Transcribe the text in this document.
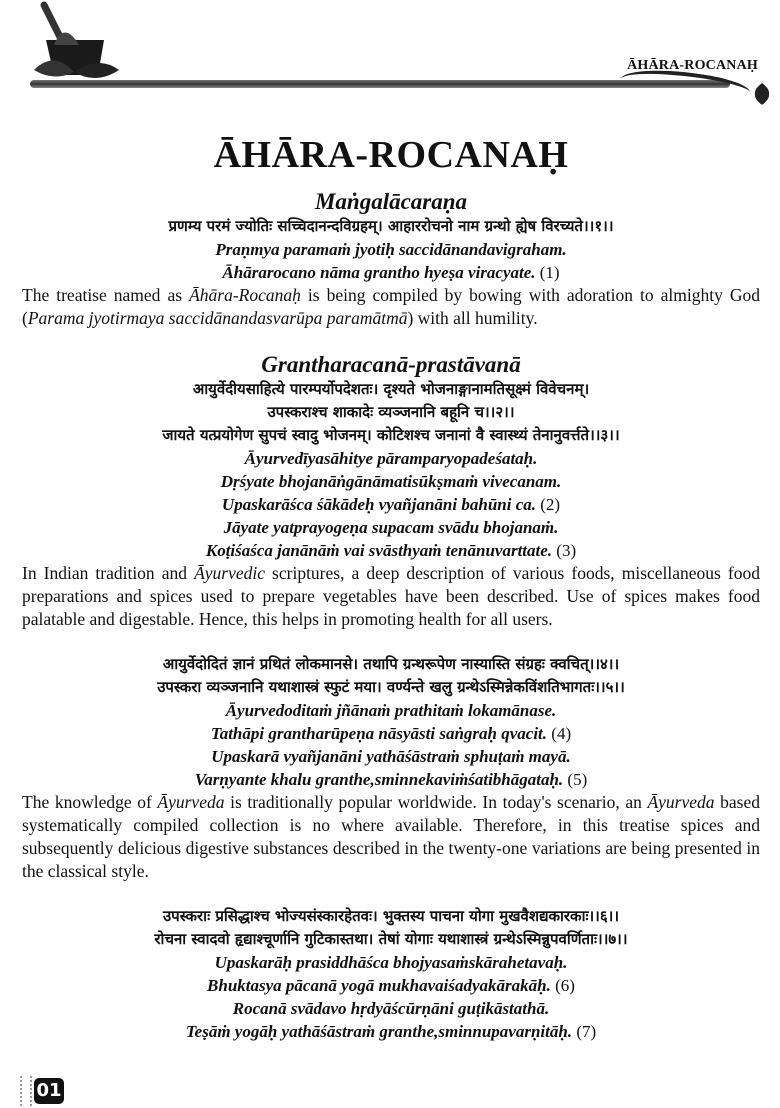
ĀHĀRA-ROCANAḤ
ĀHĀRA-ROCANAḤ
Maṅgalācaraṇa
प्रणम्य परमं ज्योतिः सच्चिदानन्दविग्रहम्। आहाररोचनो नाम ग्रन्थो ह्येष विरच्यते।।१।।
Praṇmya paramaṁ jyotiḥ saccidānandavigraham.
Āhārarocano nāma grantho hyeṣa viracyate. (1)

The treatise named as Āhāra-Rocanaḥ is being compiled by bowing with adoration to almighty God (Parama jyotirmaya saccidānandasvarūpa paramātmā) with all humility.

Grantharacanā-prastāvanā
आयुर्वेदीयसाहित्ये पारम्पर्योपदेशतः। दृश्यते भोजनाङ्गानामतिसूक्ष्मं विवेचनम्।
उपस्कराश्च शाकादेः व्यञ्जनानि बहूनि च।।२।।
जायते यत्प्रयोगेण सुपचं स्वादु भोजनम्। कोटिशश्च जनानां वै स्वास्थ्यं तेनानुवर्त्तते।।३।।
Āyurvedīyasāhitye pāramparyopadeśataḥ.
Dṛśyate bhojanāṅgānāmatisūkṣmaṁ vivecanam.
Upaskarāśca śākādeḥ vyañjanāni bahūni ca. (2)
Jāyate yatprayogeṇa supacam svādu bhojanaṁ.
Koṭiśaśca janānāṁ vai svāsthyaṁ tenānuvarttate. (3)

In Indian tradition and Āyurvedic scriptures, a deep description of various foods, miscellaneous food preparations and spices used to prepare vegetables have been described. Use of spices makes food palatable and digestable. Hence, this helps in promoting health for all users.

आयुर्वेदोदितं ज्ञानं प्रथितं लोकमानसे। तथापि ग्रन्थरूपेण नास्यास्ति संग्रहः क्वचित्।।४।।
उपस्करा व्यञ्जनानि यथाशास्त्रं स्फुटं मया। वर्ण्यन्ते खलु ग्रन्थेऽस्मिन्नेकविंशतिभागतः।।५।।
Āyurvedoditaṁ jñānaṁ prathitaṁ lokamānase.
Tathāpi grantharūpeṇa nāsyāsti saṅgraḥ qvacit. (4)
Upaskarā vyañjanāni yathāśāstraṁ sphuṭaṁ mayā.
Varṇyante khalu granthe,sminnekaviṁśatibhāgataḥ. (5)

The knowledge of Āyurveda is traditionally popular worldwide. In today's scenario, an Āyurveda based systematically compiled collection is no where available. Therefore, in this treatise spices and subsequently delicious digestive substances described in the twenty-one variations are being presented in the classical style.

उपस्कराः प्रसिद्धाश्च भोज्यसंस्कारहेतवः। भुक्तस्य पाचना योगा मुखवैशद्यकारकाः।।६।।
रोचना स्वादवो हृद्याश्चूर्णानि गुटिकास्तथा। तेषां योगाः यथाशास्त्रं ग्रन्थेऽस्मिन्नुपवर्णिताः।।७।।
Upaskarāḥ prasiddhāśca bhojyasaṁskārahetavaḥ.
Bhuktasya pācanā yogā mukhavaiśadyakārakāḥ. (6)
Rocanā svādavo hṛdyāścūrṇāni guṭikāstathā.
Teṣāṁ yogāḥ yathāśāstraṁ granthe,sminnupavarṇitāḥ. (7)
01
